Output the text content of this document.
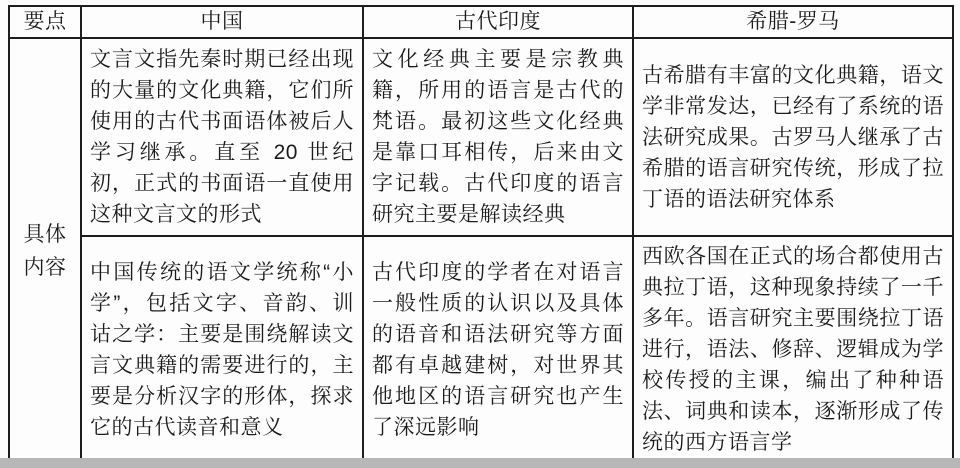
要点	中国	古代印度	希腊-罗马
具体内容	文言文指先秦时期已经出现的大量的文化典籍，它们所使用的古代书面语体被后人学习继承。直至 20 世纪初，正式的书面语一直使用这种文言文的形式	文化经典主要是宗教典籍，所用的语言是古代的梵语。最初这些文化经典是靠口耳相传，后来由文字记载。古代印度的语言研究主要是解读经典	古希腊有丰富的文化典籍，语文学非常发达，已经有了系统的语法研究成果。古罗马人继承了古希腊的语言研究传统，形成了拉丁语的语法研究体系
	中国传统的语文学统称“小学”，包括文字、音韵、训诂之学：主要是围绕解读文言文典籍的需要进行的，主要是分析汉字的形体，探求它的古代读音和意义	古代印度的学者在对语言一般性质的认识以及具体的语音和语法研究等方面都有卓越建树，对世界其他地区的语言研究也产生了深远影响	西欧各国在正式的场合都使用古典拉丁语，这种现象持续了一千多年。语言研究主要围绕拉丁语进行，语法、修辞、逻辑成为学校传授的主课，编出了种种语法、词典和读本，逐渐形成了传统的西方语言学
